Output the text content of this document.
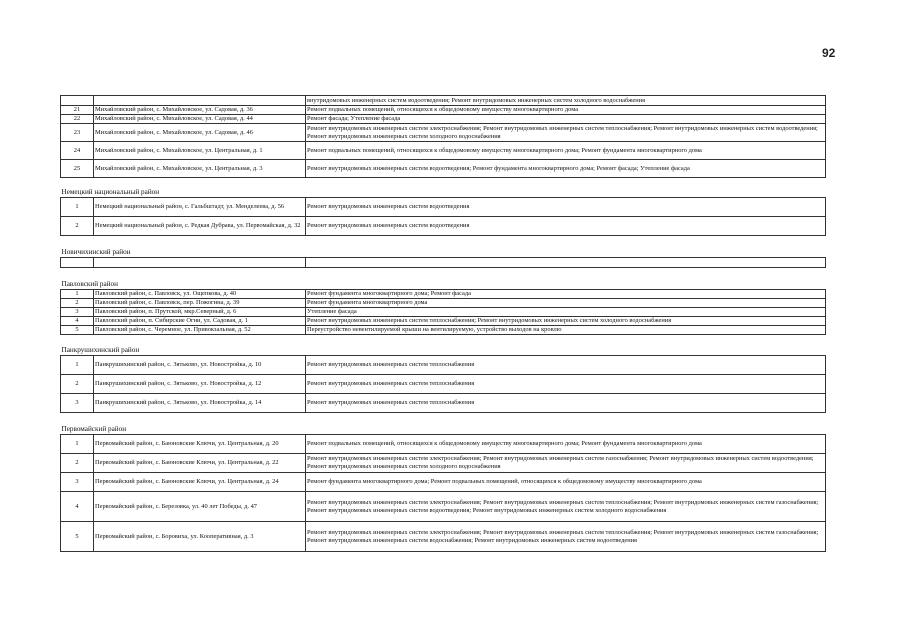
92
		внутридомовых инженерных систем водоотведения; Ремонт внутридомовых инженерных систем холодного водоснабжения
21	Михайловский район, с. Михайловское, ул. Садовая, д. 36	Ремонт подвальных помещений, относящихся к общедомовому имуществу многоквартирного дома
22	Михайловский район, с. Михайловское, ул. Садовая, д. 44	Ремонт фасада; Утепление фасада
23	Михайловский район, с. Михайловское, ул. Садовая, д. 46	Ремонт внутридомовых инженерных систем электроснабжения; Ремонт внутридомовых инженерных систем теплоснабжения; Ремонт внутридомовых инженерных систем водоотведения; Ремонт внутридомовых инженерных систем холодного водоснабжения
24	Михайловский район, с. Михайловское, ул. Центральная, д. 1	Ремонт подвальных помещений, относящихся к общедомовому имуществу многоквартирного дома; Ремонт фундамента многоквартирного дома
25	Михайловский район, с. Михайловское, ул. Центральная, д. 3	Ремонт внутридомовых инженерных систем водоотведения; Ремонт фундамента многоквартирного дома; Ремонт фасада; Утепление фасада
Немецкий национальный район		
1	Немецкий национальный район, с. Гальбштадт, ул. Менделеева, д. 56	Ремонт внутридомовых инженерных систем водоотведения
2	Немецкий национальный район, с. Редкая Дубрава, ул. Первомайская, д. 32	Ремонт внутридомовых инженерных систем водоотведения
Новичихинский район		

Павловский район		
1	Павловский район, с. Павловск, ул. Ощепкова, д. 40	Ремонт фундамента многоквартирного дома; Ремонт фасада
2	Павловский район, с. Павловск, пер. Пожогина, д. 39	Ремонт фундамента многоквартирного дома
3	Павловский район, п. Прутской, мкр.Северный, д. 6	Утепление фасада
4	Павловский район, п. Сибирские Огни, ул. Садовая, д. 1	Ремонт внутридомовых инженерных систем теплоснабжения; Ремонт внутридомовых инженерных систем холодного водоснабжения
5	Павловский район, с. Черемное, ул. Привокзальная, д. 52	Переустройство невентилируемой крыши на вентилируемую, устройство выходов на кровлю
Панкрушихинский район		
1	Панкрушихинский район, с. Зятьково, ул. Новостройка, д. 10	Ремонт внутридомовых инженерных систем теплоснабжения
2	Панкрушихинский район, с. Зятьково, ул. Новостройка, д. 12	Ремонт внутридомовых инженерных систем теплоснабжения
3	Панкрушихинский район, с. Зятьково, ул. Новостройка, д. 14	Ремонт внутридомовых инженерных систем теплоснабжения
Первомайский район		
1	Первомайский район, с. Баюновские Ключи, ул. Центральная, д. 20	Ремонт подвальных помещений, относящихся к общедомовому имуществу многоквартирного дома; Ремонт фундамента многоквартирного дома
2	Первомайский район, с. Баюновские Ключи, ул. Центральная, д. 22	Ремонт внутридомовых инженерных систем электроснабжения; Ремонт внутридомовых инженерных систем газоснабжения; Ремонт внутридомовых инженерных систем водоотведения; Ремонт внутридомовых инженерных систем холодного водоснабжения
3	Первомайский район, с. Баюновские Ключи, ул. Центральная, д. 24	Ремонт фундамента многоквартирного дома; Ремонт подвальных помещений, относящихся к общедомовому имуществу многоквартирного дома
4	Первомайский район, с. Березовка, ул. 40 лет Победы, д. 47	Ремонт внутридомовых инженерных систем электроснабжения; Ремонт внутридомовых инженерных систем теплоснабжения; Ремонт внутридомовых инженерных систем газоснабжения; Ремонт внутридомовых инженерных систем водоотведения; Ремонт внутридомовых инженерных систем холодного водоснабжения
5	Первомайский район, с. Боровиха, ул. Кооперативная, д. 3	Ремонт внутридомовых инженерных систем электроснабжения; Ремонт внутридомовых инженерных систем теплоснабжения; Ремонт внутридомовых инженерных систем газоснабжения; Ремонт внутридомовых инженерных систем водоснабжения; Ремонт внутридомовых инженерных систем водоотведения
